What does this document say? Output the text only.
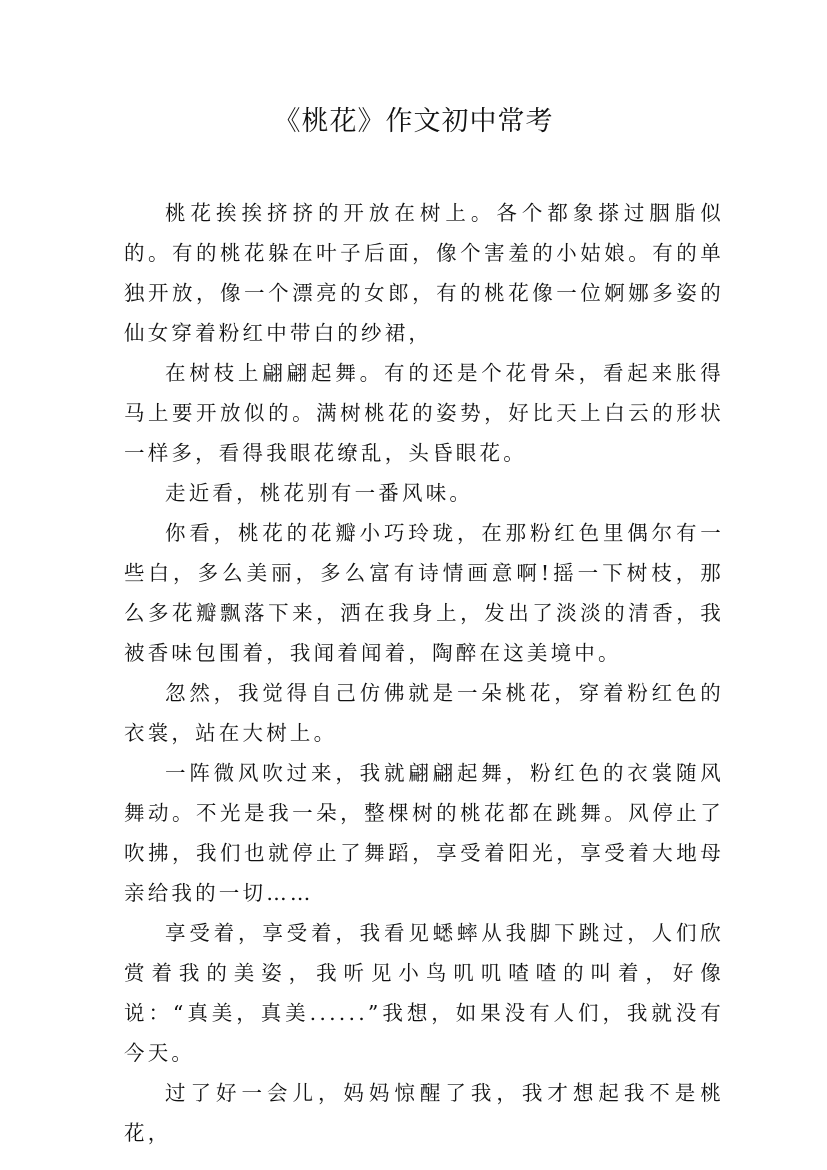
《桃花》作文初中常考

桃花挨挨挤挤的开放在树上。各个都象搽过胭脂似的。有的桃花躲在叶子后面，像个害羞的小姑娘。有的单独开放，像一个漂亮的女郎，有的桃花像一位婀娜多姿的仙女穿着粉红中带白的纱裙，

在树枝上翩翩起舞。有的还是个花骨朵，看起来胀得马上要开放似的。满树桃花的姿势，好比天上白云的形状一样多，看得我眼花缭乱，头昏眼花。

走近看，桃花别有一番风味。

你看，桃花的花瓣小巧玲珑，在那粉红色里偶尔有一些白，多么美丽，多么富有诗情画意啊!摇一下树枝，那么多花瓣飘落下来，洒在我身上，发出了淡淡的清香，我被香味包围着，我闻着闻着，陶醉在这美境中。

忽然，我觉得自己仿佛就是一朵桃花，穿着粉红色的衣裳，站在大树上。

一阵微风吹过来，我就翩翩起舞，粉红色的衣裳随风舞动。不光是我一朵，整棵树的桃花都在跳舞。风停止了吹拂，我们也就停止了舞蹈，享受着阳光，享受着大地母亲给我的一切……

享受着，享受着，我看见蟋蟀从我脚下跳过，人们欣赏着我的美姿，我听见小鸟叽叽喳喳的叫着，好像说：“真美，真美......”我想，如果没有人们，我就没有今天。

过了好一会儿，妈妈惊醒了我，我才想起我不是桃花，
